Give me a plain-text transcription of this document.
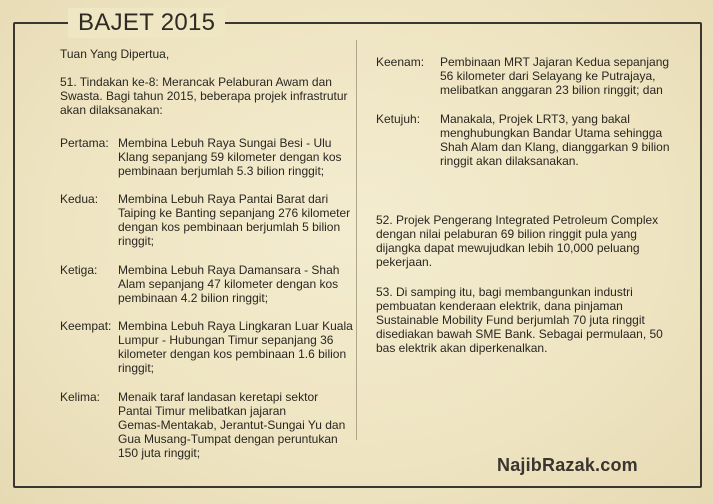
BAJET 2015
Tuan Yang Dipertua,
51. Tindakan ke-8: Merancak Pelaburan Awam dan
Swasta. Bagi tahun 2015, beberapa projek infrastrutur
akan dilaksanakan:
Pertama: Membina Lebuh Raya Sungai Besi - Ulu
Klang sepanjang 59 kilometer dengan kos
pembinaan berjumlah 5.3 bilion ringgit;
Kedua: Membina Lebuh Raya Pantai Barat dari
Taiping ke Banting sepanjang 276 kilometer
dengan kos pembinaan berjumlah 5 bilion
ringgit;
Ketiga: Membina Lebuh Raya Damansara - Shah
Alam sepanjang 47 kilometer dengan kos
pembinaan 4.2 bilion ringgit;
Keempat: Membina Lebuh Raya Lingkaran Luar Kuala
Lumpur - Hubungan Timur sepanjang 36
kilometer dengan kos pembinaan 1.6 bilion
ringgit;
Kelima: Menaik taraf landasan keretapi sektor
Pantai Timur melibatkan jajaran
Gemas-Mentakab, Jerantut-Sungai Yu dan
Gua Musang-Tumpat dengan peruntukan
150 juta ringgit;
Keenam: Pembinaan MRT Jajaran Kedua sepanjang
56 kilometer dari Selayang ke Putrajaya,
melibatkan anggaran 23 bilion ringgit; dan
Ketujuh: Manakala, Projek LRT3, yang bakal
menghubungkan Bandar Utama sehingga
Shah Alam dan Klang, dianggarkan 9 bilion
ringgit akan dilaksanakan.
52. Projek Pengerang Integrated Petroleum Complex
dengan nilai pelaburan 69 bilion ringgit pula yang
dijangka dapat mewujudkan lebih 10,000 peluang
pekerjaan.
53. Di samping itu, bagi membangunkan industri
pembuatan kenderaan elektrik, dana pinjaman
Sustainable Mobility Fund berjumlah 70 juta ringgit
disediakan bawah SME Bank. Sebagai permulaan, 50
bas elektrik akan diperkenalkan.
NajibRazak.com
